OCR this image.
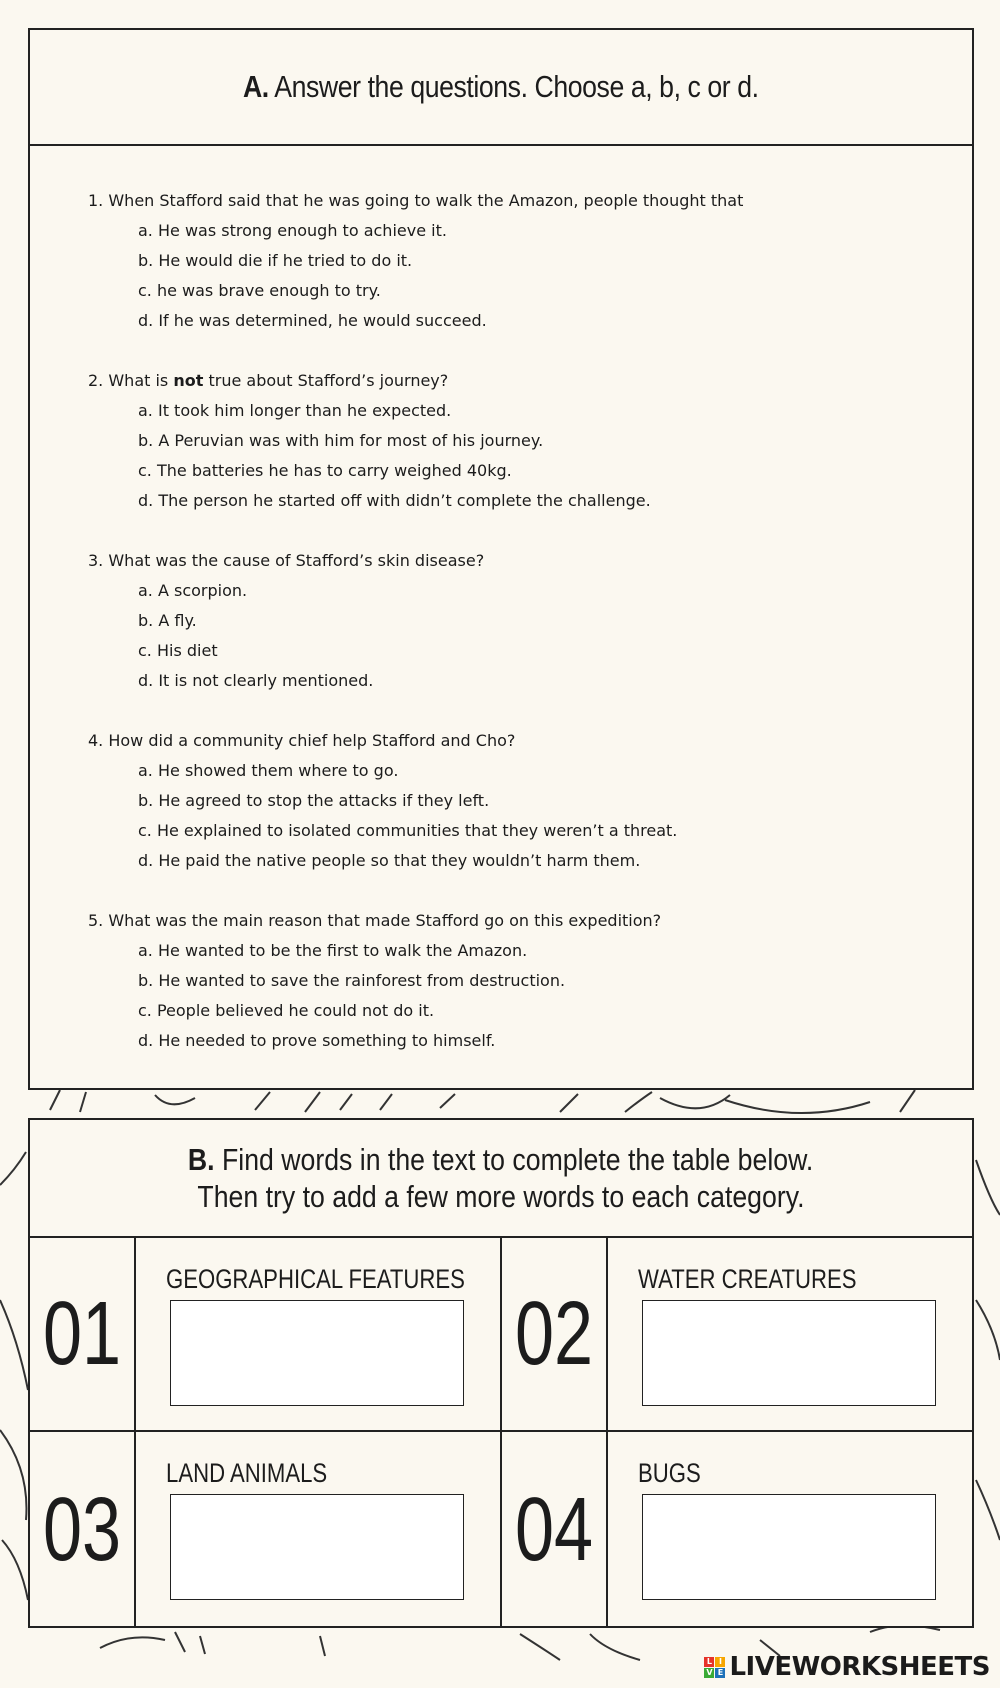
A. Answer the questions. Choose a, b, c or d.
1. When Stafford said that he was going to walk the Amazon, people thought that
a. He was strong enough to achieve it.
b. He would die if he tried to do it.
c. he was brave enough to try.
d. If he was determined, he would succeed.
2. What is not true about Stafford’s journey?
a. It took him longer than he expected.
b. A Peruvian was with him for most of his journey.
c. The batteries he has to carry weighed 40kg.
d. The person he started off with didn’t complete the challenge.
3. What was the cause of Stafford’s skin disease?
a. A scorpion.
b. A fly.
c. His diet
d. It is not clearly mentioned.
4. How did a community chief help Stafford and Cho?
a. He showed them where to go.
b. He agreed to stop the attacks if they left.
c. He explained to isolated communities that they weren’t a threat.
d. He paid the native people so that they wouldn’t harm them.
5. What was the main reason that made Stafford go on this expedition?
a. He wanted to be the first to walk the Amazon.
b. He wanted to save the rainforest from destruction.
c. People believed he could not do it.
d. He needed to prove something to himself.
B. Find words in the text to complete the table below.
Then try to add a few more words to each category.
01
GEOGRAPHICAL FEATURES
02
WATER CREATURES
03
LAND ANIMALS
04
BUGS
L I
V E LIVEWORKSHEETS
